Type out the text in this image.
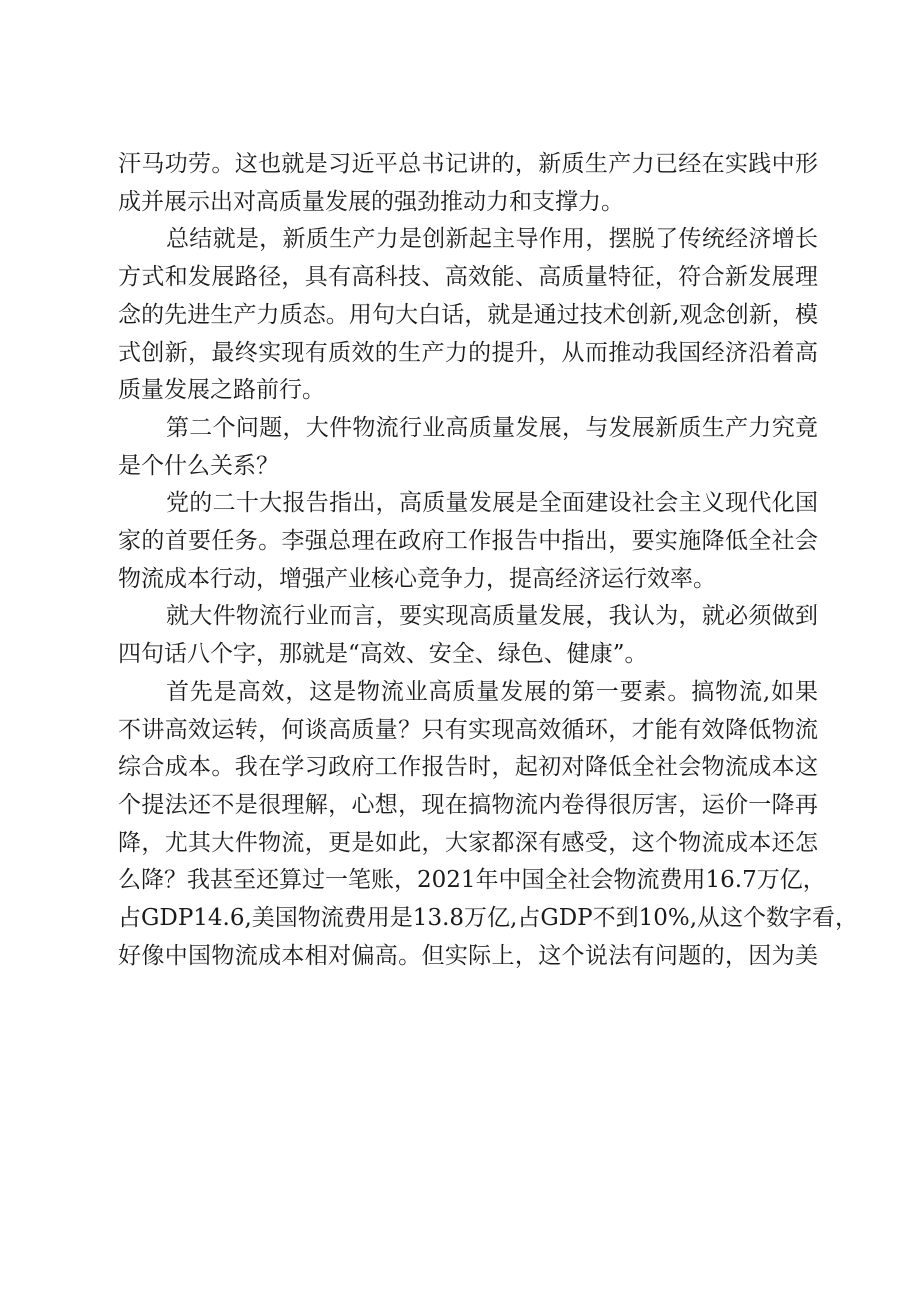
汗马功劳。这也就是习近平总书记讲的，新质生产力已经在实践中形
成并展示出对高质量发展的强劲推动力和支撑力。
总结就是，新质生产力是创新起主导作用，摆脱了传统经济增长
方式和发展路径，具有高科技、高效能、高质量特征，符合新发展理
念的先进生产力质态。用句大白话，就是通过技术创新,观念创新，模
式创新，最终实现有质效的生产力的提升，从而推动我国经济沿着高
质量发展之路前行。
第二个问题，大件物流行业高质量发展，与发展新质生产力究竟
是个什么关系？
党的二十大报告指出，高质量发展是全面建设社会主义现代化国
家的首要任务。李强总理在政府工作报告中指出，要实施降低全社会
物流成本行动，增强产业核心竞争力，提高经济运行效率。
就大件物流行业而言，要实现高质量发展，我认为，就必须做到
四句话八个字，那就是“高效、安全、绿色、健康”。
首先是高效，这是物流业高质量发展的第一要素。搞物流,如果
不讲高效运转，何谈高质量？只有实现高效循环，才能有效降低物流
综合成本。我在学习政府工作报告时，起初对降低全社会物流成本这
个提法还不是很理解，心想，现在搞物流内卷得很厉害，运价一降再
降，尤其大件物流，更是如此，大家都深有感受，这个物流成本还怎
么降？我甚至还算过一笔账，2021年中国全社会物流费用16.7万亿，
占GDP14.6,美国物流费用是13.8万亿,占GDP不到10%,从这个数字看，
好像中国物流成本相对偏高。但实际上，这个说法有问题的，因为美
